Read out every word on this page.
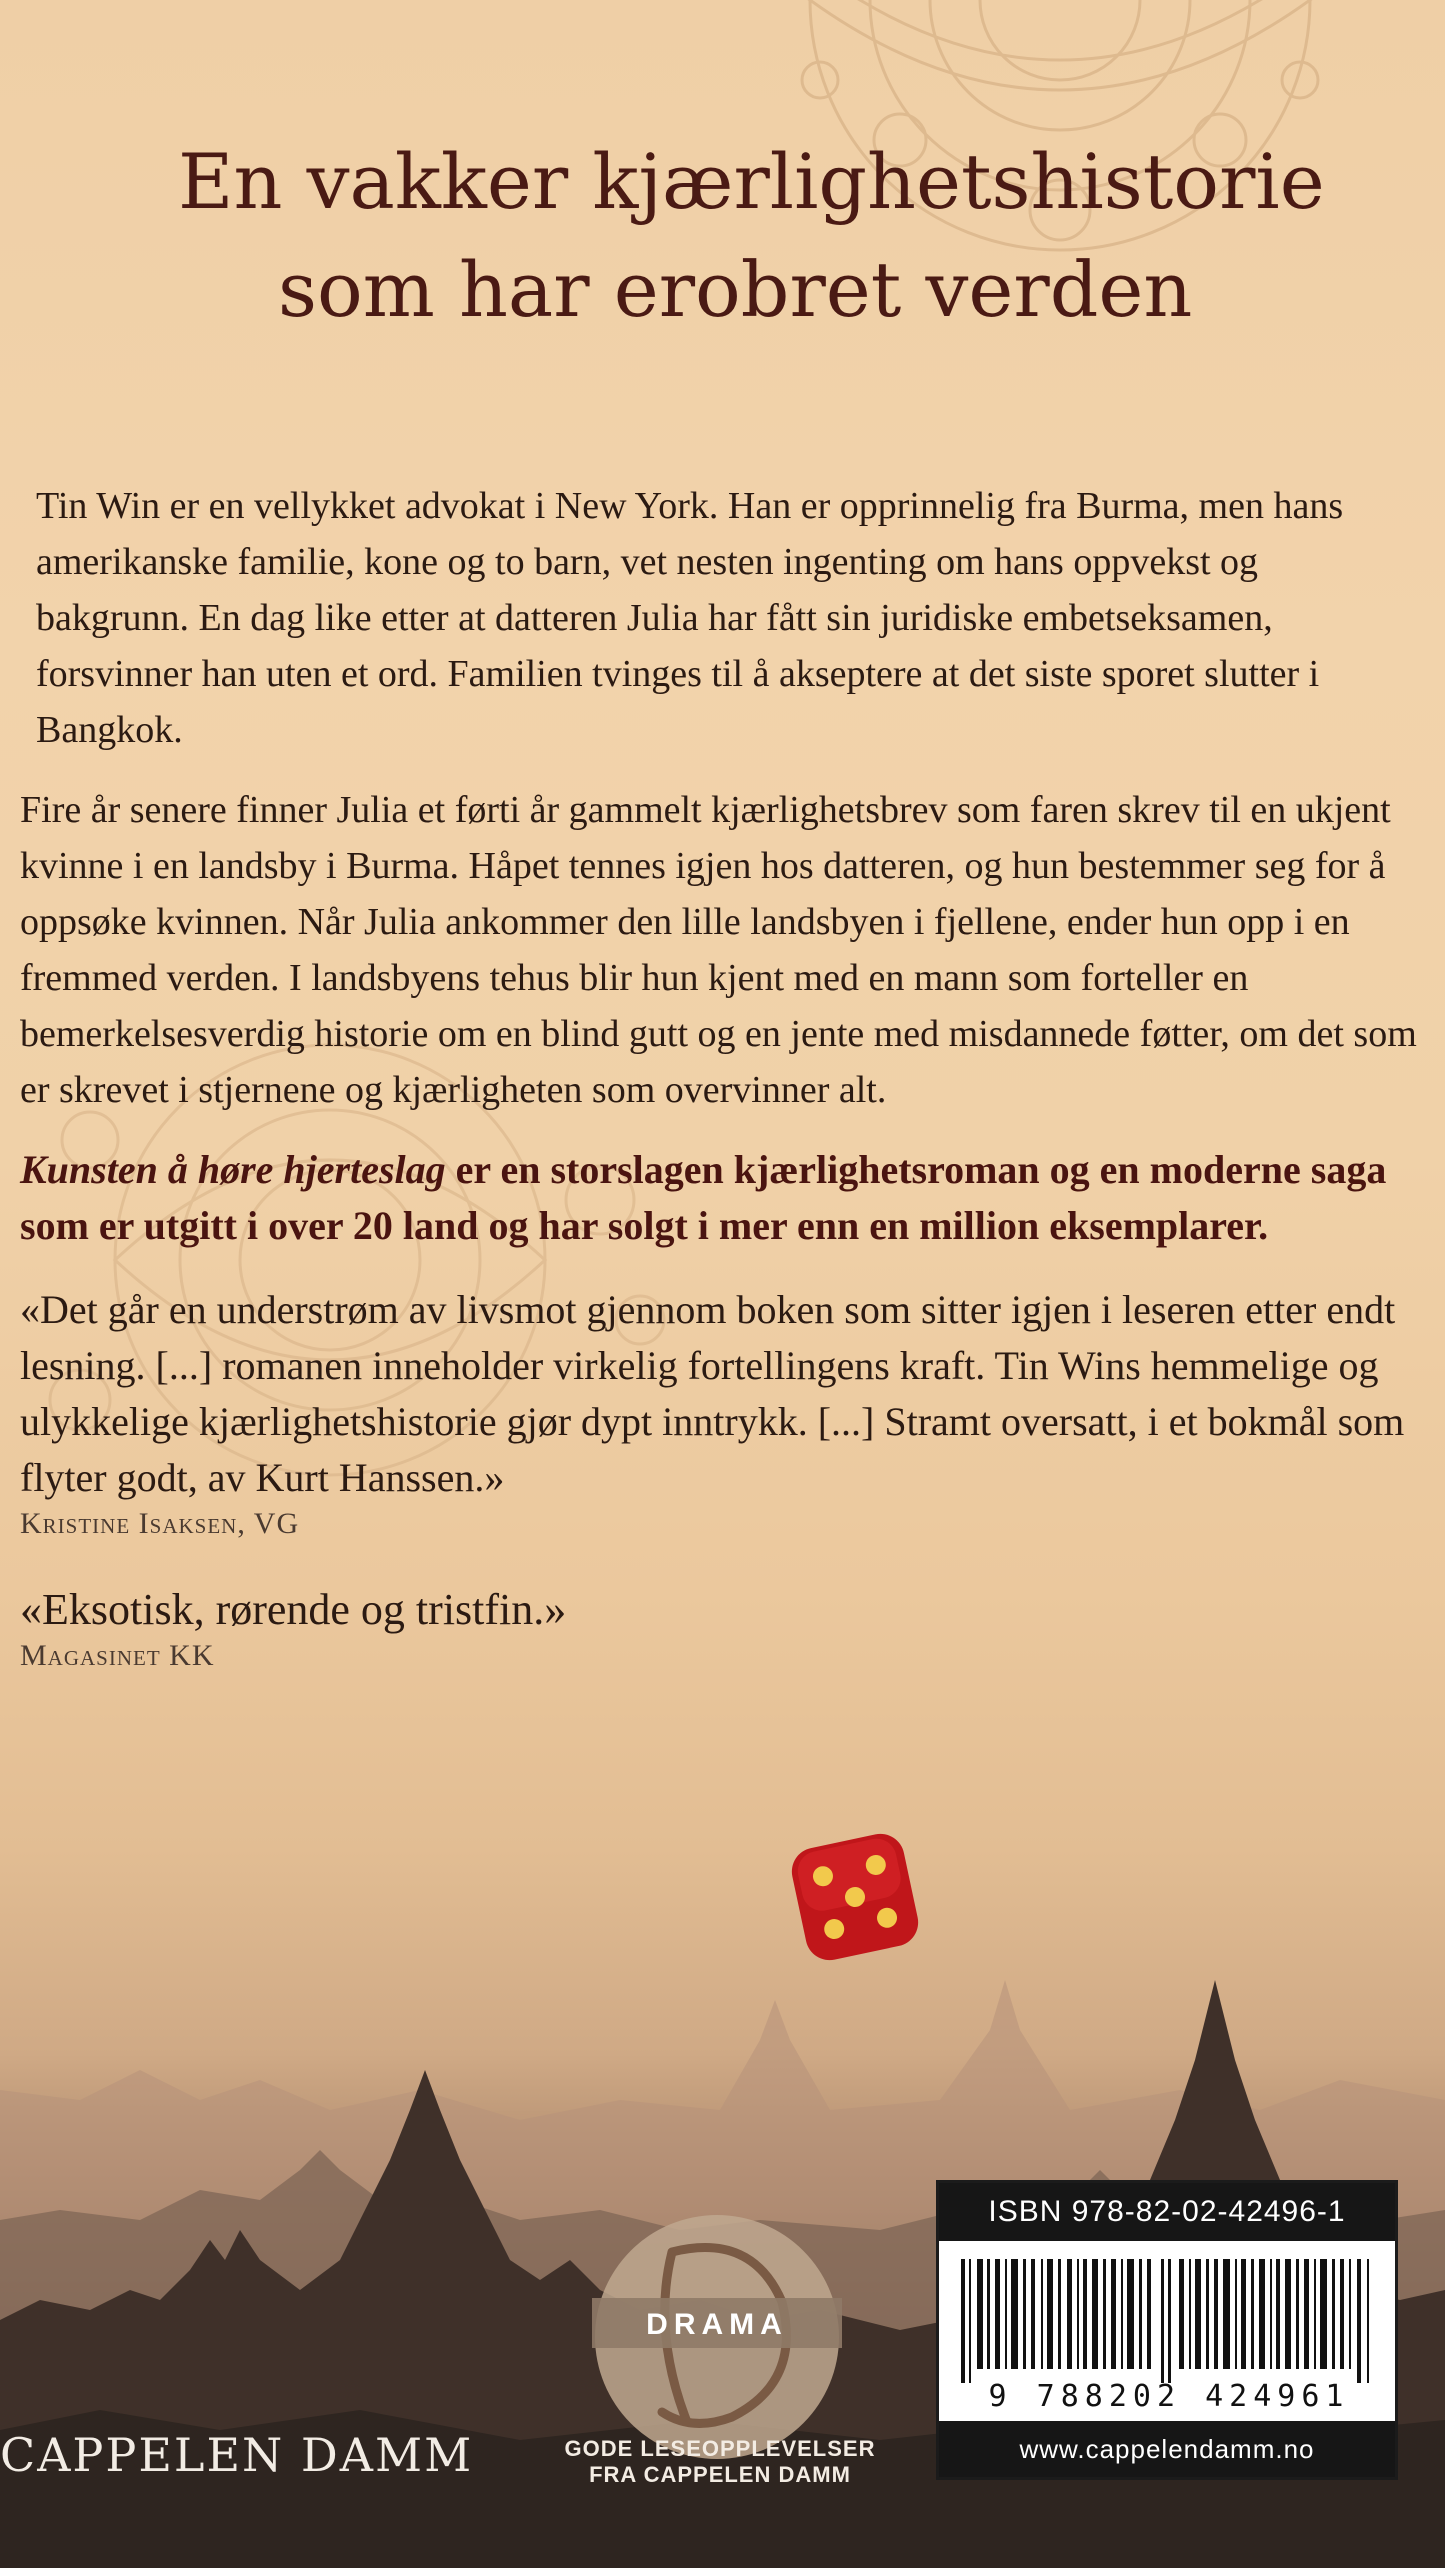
En vakker kjærlighetshistorie
som har erobret verden

Tin Win er en vellykket advokat i New York. Han er opprinnelig fra Burma, men hans amerikanske familie, kone og to barn, vet nesten ingenting om hans oppvekst og bakgrunn. En dag like etter at datteren Julia har fått sin juridiske embetseksamen, forsvinner han uten et ord. Familien tvinges til å akseptere at det siste sporet slutter i Bangkok.

Fire år senere finner Julia et førti år gammelt kjærlighetsbrev som faren skrev til en ukjent kvinne i en landsby i Burma. Håpet tennes igjen hos datteren, og hun bestemmer seg for å oppsøke kvinnen. Når Julia ankommer den lille landsbyen i fjellene, ender hun opp i en fremmed verden. I landsbyens tehus blir hun kjent med en mann som forteller en bemerkelsesverdig historie om en blind gutt og en jente med misdannede føtter, om det som er skrevet i stjernene og kjærligheten som overvinner alt.

Kunsten å høre hjerteslag er en storslagen kjærlighetsroman og en moderne saga som er utgitt i over 20 land og har solgt i mer enn en million eksemplarer.

«Det går en understrøm av livsmot gjennom boken som sitter igjen i leseren etter endt lesning. [...] romanen inneholder virkelig fortellingens kraft. Tin Wins hemmelige og ulykkelige kjærlighetshistorie gjør dypt inntrykk. [...] Stramt oversatt, i et bokmål som flyter godt, av Kurt Hanssen.»

Kristine Isaksen, VG

«Eksotisk, rørende og tristfin.»

Magasinet KK

DRAMA
GODE LESEOPPLEVELSER
FRA CAPPELEN DAMM
CAPPELEN DAMM
ISBN 978-82-02-42496-1
9 788202 424961
www.cappelendamm.no
